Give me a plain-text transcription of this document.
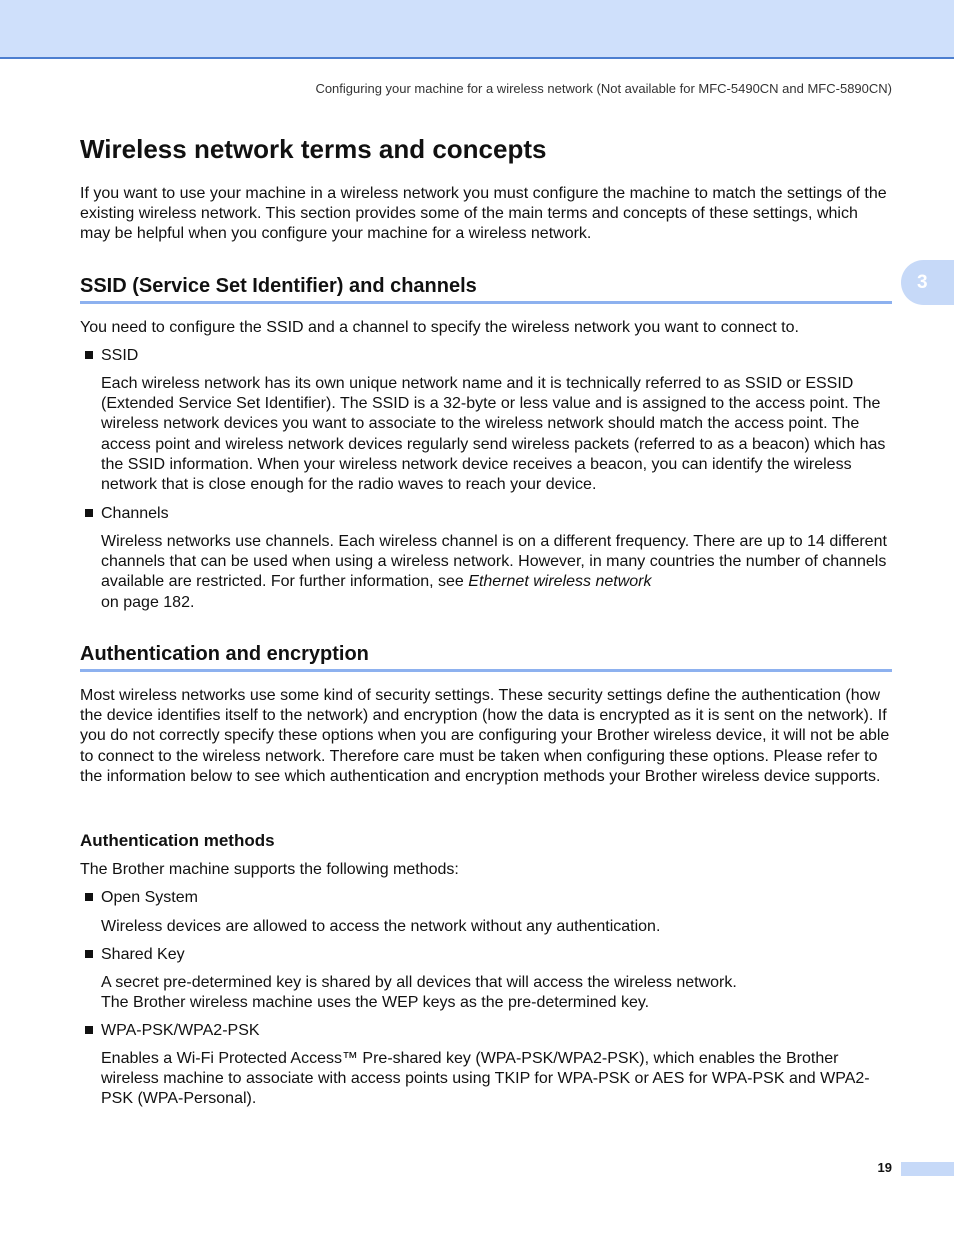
Configuring your machine for a wireless network (Not available for MFC-5490CN and MFC-5890CN)
3
Wireless network terms and concepts

If you want to use your machine in a wireless network you must configure the machine to match the settings of the existing wireless network. This section provides some of the main terms and concepts of these settings, which may be helpful when you configure your machine for a wireless network.

SSID (Service Set Identifier) and channels

You need to configure the SSID and a channel to specify the wireless network you want to connect to.

SSID

Each wireless network has its own unique network name and it is technically referred to as SSID or ESSID (Extended Service Set Identifier). The SSID is a 32-byte or less value and is assigned to the access point. The wireless network devices you want to associate to the wireless network should match the access point. The access point and wireless network devices regularly send wireless packets (referred to as a beacon) which has the SSID information. When your wireless network device receives a beacon, you can identify the wireless network that is close enough for the radio waves to reach your device.

Channels

Wireless networks use channels. Each wireless channel is on a different frequency. There are up to 14 different channels that can be used when using a wireless network. However, in many countries the number of channels available are restricted. For further information, see Ethernet wireless network
on page 182.

Authentication and encryption

Most wireless networks use some kind of security settings. These security settings define the authentication (how the device identifies itself to the network) and encryption (how the data is encrypted as it is sent on the network). If you do not correctly specify these options when you are configuring your Brother wireless device, it will not be able to connect to the wireless network. Therefore care must be taken when configuring these options. Please refer to the information below to see which authentication and encryption methods your Brother wireless device supports.

Authentication methods

The Brother machine supports the following methods:

Open System

Wireless devices are allowed to access the network without any authentication.

Shared Key

A secret pre-determined key is shared by all devices that will access the wireless network.
The Brother wireless machine uses the WEP keys as the pre-determined key.

WPA-PSK/WPA2-PSK

Enables a Wi-Fi Protected Access™ Pre-shared key (WPA-PSK/WPA2-PSK), which enables the Brother wireless machine to associate with access points using TKIP for WPA-PSK or AES for WPA-PSK and WPA2-PSK (WPA-Personal).

19
